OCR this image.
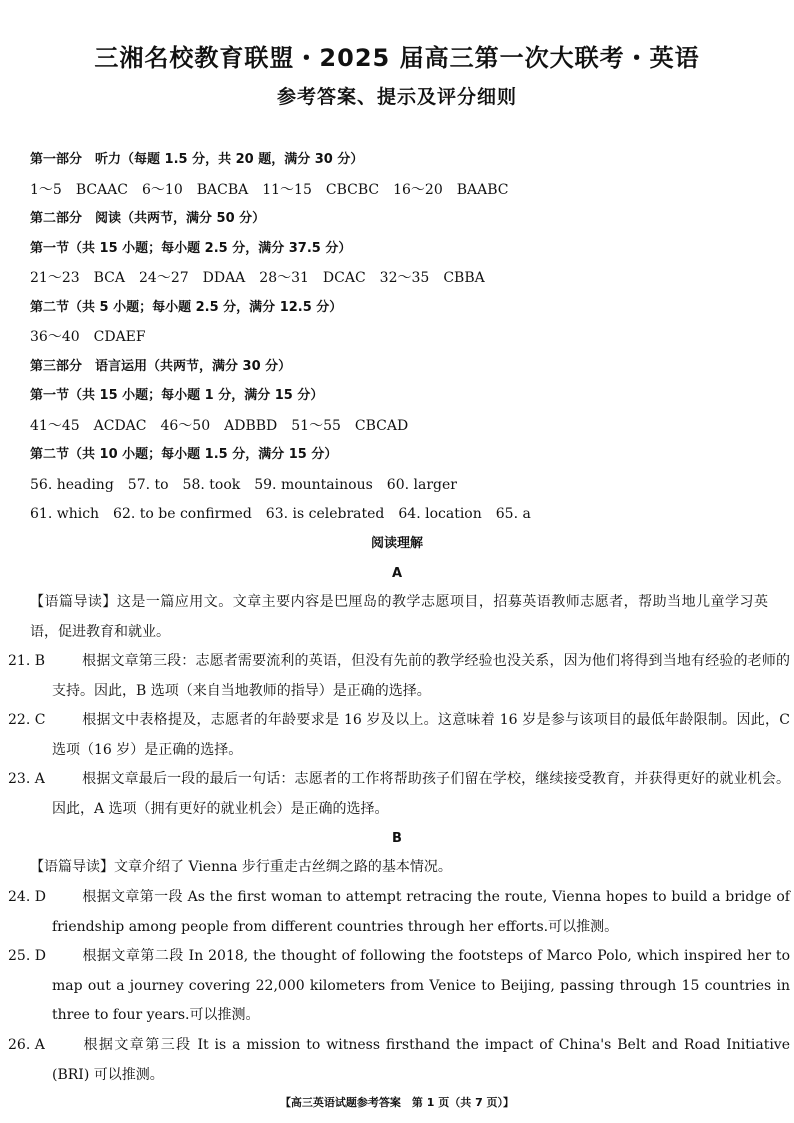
三湘名校教育联盟・2025 届高三第一次大联考・英语
参考答案、提示及评分细则
第一部分　听力（每题 1.5 分，共 20 题，满分 30 分）
1～5　BCAAC　6～10　BACBA　11～15　CBCBC　16～20　BAABC
第二部分　阅读（共两节，满分 50 分）
第一节（共 15 小题；每小题 2.5 分，满分 37.5 分）
21～23　BCA　24～27　DDAA　28～31　DCAC　32～35　CBBA
第二节（共 5 小题；每小题 2.5 分，满分 12.5 分）
36～40　CDAEF
第三部分　语言运用（共两节，满分 30 分）
第一节（共 15 小题；每小题 1 分，满分 15 分）
41～45　ACDAC　46～50　ADBBD　51～55　CBCAD
第二节（共 10 小题；每小题 1.5 分，满分 15 分）
56. heading　57. to　58. took　59. mountainous　60. larger
61. which　62. to be confirmed　63. is celebrated　64. location　65. a
阅读理解
A
【语篇导读】这是一篇应用文。文章主要内容是巴厘岛的教学志愿项目，招募英语教师志愿者，帮助当地儿童学习英语，促进教育和就业。
21. B	根据文章第三段：志愿者需要流利的英语，但没有先前的教学经验也没关系，因为他们将得到当地有经验的老师的支持。因此，B 选项（来自当地教师的指导）是正确的选择。
22. C	根据文中表格提及，志愿者的年龄要求是 16 岁及以上。这意味着 16 岁是参与该项目的最低年龄限制。因此，C 选项（16 岁）是正确的选择。
23. A	根据文章最后一段的最后一句话：志愿者的工作将帮助孩子们留在学校，继续接受教育，并获得更好的就业机会。因此，A 选项（拥有更好的就业机会）是正确的选择。
B
【语篇导读】文章介绍了 Vienna 步行重走古丝绸之路的基本情况。
24. D	根据文章第一段 As the first woman to attempt retracing the route, Vienna hopes to build a bridge of friendship among people from different countries through her efforts.可以推测。
25. D	根据文章第二段 In 2018, the thought of following the footsteps of Marco Polo, which inspired her to map out a journey covering 22,000 kilometers from Venice to Beijing, passing through 15 countries in three to four years.可以推测。
26. A	根据文章第三段 It is a mission to witness firsthand the impact of China's Belt and Road Initiative (BRI) 可以推测。
【高三英语试题参考答案　第 1 页（共 7 页）】
